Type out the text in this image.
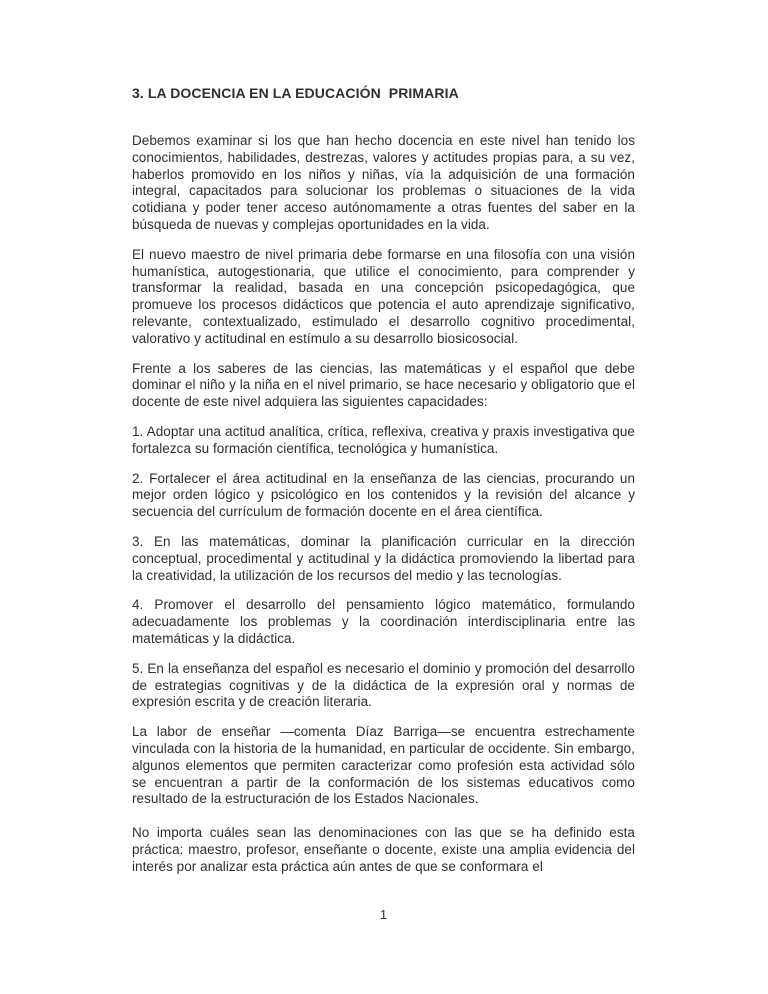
3. LA DOCENCIA EN LA EDUCACIÓN  PRIMARIA

Debemos examinar si los que han hecho docencia en este nivel han tenido los conocimientos, habilidades, destrezas, valores y actitudes propias para, a su vez, haberlos promovido en los niños y niñas, vía la adquisición de una formación integral, capacitados para solucionar los problemas o situaciones de la vida cotidiana y poder tener acceso autónomamente a otras fuentes del saber en la búsqueda de nuevas y complejas oportunidades en la vida.

El nuevo maestro de nivel primaria debe formarse en una filosofía con una visión humanística, autogestionaria, que utilice el conocimiento, para comprender y transformar la realidad, basada en una concepción psicopedagógica, que promueve los procesos didácticos que potencia el auto aprendizaje significativo, relevante, contextualizado, estimulado el desarrollo cognitivo procedimental, valorativo y actitudinal en estímulo a su desarrollo biosicosocial.

Frente a los saberes de las ciencias, las matemáticas y el español que debe dominar el niño y la niña en el nivel primario, se hace necesario y obligatorio que el docente de este nivel adquiera las siguientes capacidades:

1. Adoptar una actitud analítica, crítica, reflexiva, creativa y praxis investigativa que fortalezca su formación científica, tecnológica y humanística.

2. Fortalecer el área actitudinal en la enseñanza de las ciencias, procurando un mejor orden lógico y psicológico en los contenidos y la revisión del alcance y secuencia del currículum de formación docente en el área científica.

3. En las matemáticas, dominar la planificación curricular en la dirección conceptual, procedimental y actitudinal y la didáctica promoviendo la libertad para la creatividad, la utilización de los recursos del medio y las tecnologías.

4. Promover el desarrollo del pensamiento lógico matemático, formulando adecuadamente los problemas y la coordinación interdisciplinaria entre las matemáticas y la didáctica.

5. En la enseñanza del español es necesario el dominio y promoción del desarrollo de estrategias cognitivas y de la didáctica de la expresión oral y normas de expresión escrita y de creación literaria.

La labor de enseñar —comenta Díaz Barriga—se encuentra estrechamente vinculada con la historia de la humanidad, en particular de occidente. Sin embargo, algunos elementos que permiten caracterizar como profesión esta actividad sólo se encuentran a partir de la conformación de los sistemas educativos como resultado de la estructuración de los Estados Nacionales.

No importa cuáles sean las denominaciones con las que se ha definido esta práctica: maestro, profesor, enseñante o docente, existe una amplia evidencia del interés por analizar esta práctica aún antes de que se conformara el

1
